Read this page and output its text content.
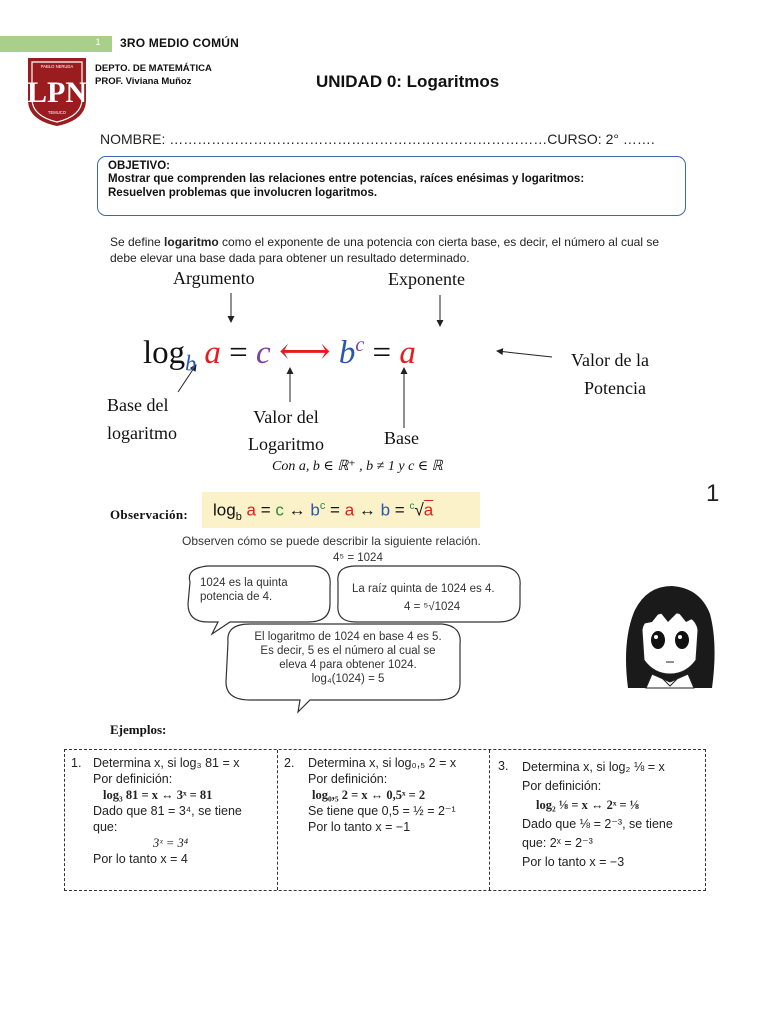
1 3RO MEDIO COMÚN
PABLO NERUDA
LPN
TEMUCO
DEPTO. DE MATEMÁTICA
PROF. Viviana Muñoz	UNIDAD 0: Logaritmos
NOMBRE: ………………………………………………………………………CURSO: 2° …….
OBJETIVO:
Mostrar que comprenden las relaciones entre potencias, raíces enésimas y logaritmos:
Resuelven problemas que involucren logaritmos.
Se define logaritmo como el exponente de una potencia con cierta base, es decir, el número al cual se debe elevar una base dada para obtener un resultado determinado.
Argumento	Exponente
Valor de la
Potencia
Base del
logaritmo
Valor del
Logaritmo	Base
$\log_b a = c$ ⟷ $b^c = a$
Con a, b ∈ ℝ⁺ , b ≠ 1 y c ∈ ℝ
1
Observación: $\log_b a = c$ ↔ $b^c = a$ ↔ b = $^c$√a
Observen cómo se puede describir la siguiente relación.
4⁵ = 1024
1024 es la quinta
potencia de 4.
La raíz quinta de 1024 es 4.
4 = ⁵√1024
El logaritmo de 1024 en base 4 es 5.
Es decir, 5 es el número al cual se
eleva 4 para obtener 1024.
log₄(1024) = 5
Ejemplos:
1. Determina x, si log₃ 81 = x
Por definición:
log₃ 81 = x ↔ 3ˣ = 81
Dado que 81 = 3⁴, se tiene
que:
3ˣ = 3⁴
Por lo tanto x = 4
2. Determina x, si log₀,₅ 2 = x
Por definición:
log₀,₅ 2 = x ↔ 0,5ˣ = 2
Se tiene que 0,5 = ½ = 2⁻¹
Por lo tanto x = −1
3. Determina x, si log₂ ⅛ = x
Por definición:
log₂ ⅛ = x ↔ 2ˣ = ⅛
Dado que ⅛ = 2⁻³, se tiene
que: 2ˣ = 2⁻³
Por lo tanto x = −3
